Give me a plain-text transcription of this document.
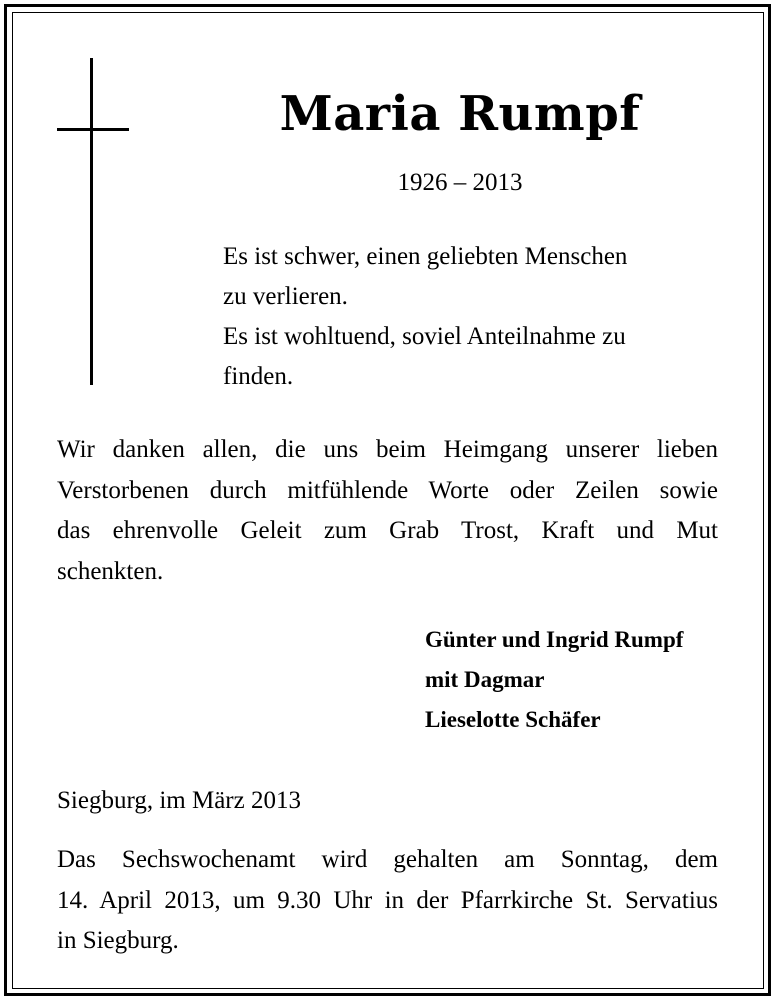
Maria Rumpf
1926 – 2013
Es ist schwer, einen geliebten Menschen
zu verlieren.
Es ist wohltuend, soviel Anteilnahme zu
finden.
Wir danken allen, die uns beim Heimgang unserer lieben
Verstorbenen durch mitfühlende Worte oder Zeilen sowie
das ehrenvolle Geleit zum Grab Trost, Kraft und Mut
schenkten.
Günter und Ingrid Rumpf
mit Dagmar
Lieselotte Schäfer
Siegburg, im März 2013
Das Sechswochenamt wird gehalten am Sonntag, dem
14. April 2013, um 9.30 Uhr in der Pfarrkirche St. Servatius
in Siegburg.
